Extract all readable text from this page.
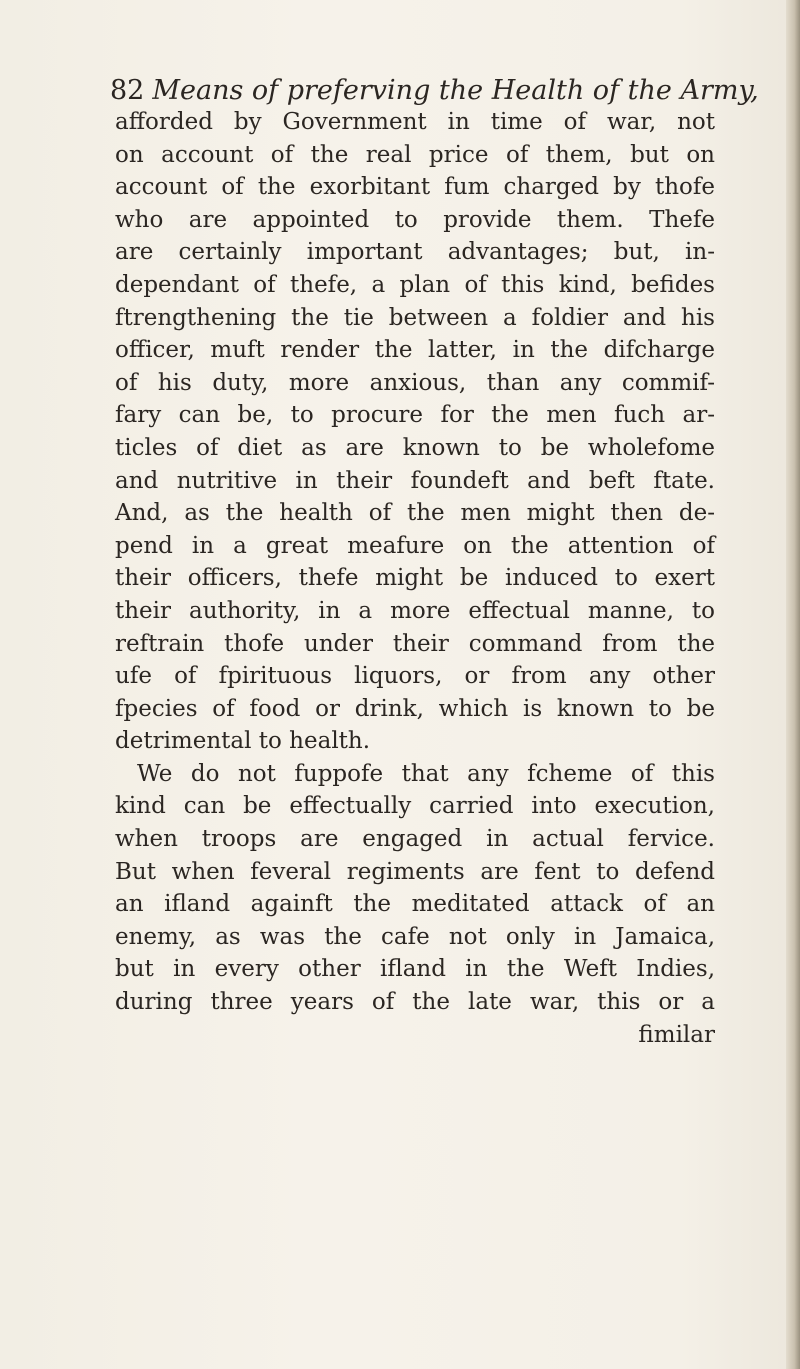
82 Means of preferving the Health of the Army,
afforded by Government in time of war, not
on account of the real price of them, but on
account of the exorbitant fum charged by thofe
who are appointed to provide them. Thefe
are certainly important advantages; but, in-
dependant of thefe, a plan of this kind, befides
ftrengthening the tie between a foldier and his
officer, muft render the latter, in the difcharge
of his duty, more anxious, than any commif-
fary can be, to procure for the men fuch ar-
ticles of diet as are known to be wholefome
and nutritive in their foundeft and beft ftate.
And, as the health of the men might then de-
pend in a great meafure on the attention of
their officers, thefe might be induced to exert
their authority, in a more effectual manne, to
reftrain thofe under their command from the
ufe of fpirituous liquors, or from any other
fpecies of food or drink, which is known to be
detrimental to health.
We do not fuppofe that any fcheme of this
kind can be effectually carried into execution,
when troops are engaged in actual fervice.
But when feveral regiments are fent to defend
an ifland againft the meditated attack of an
enemy, as was the cafe not only in Jamaica,
but in every other ifland in the Weft Indies,
during three years of the late war, this or a
fimilar
